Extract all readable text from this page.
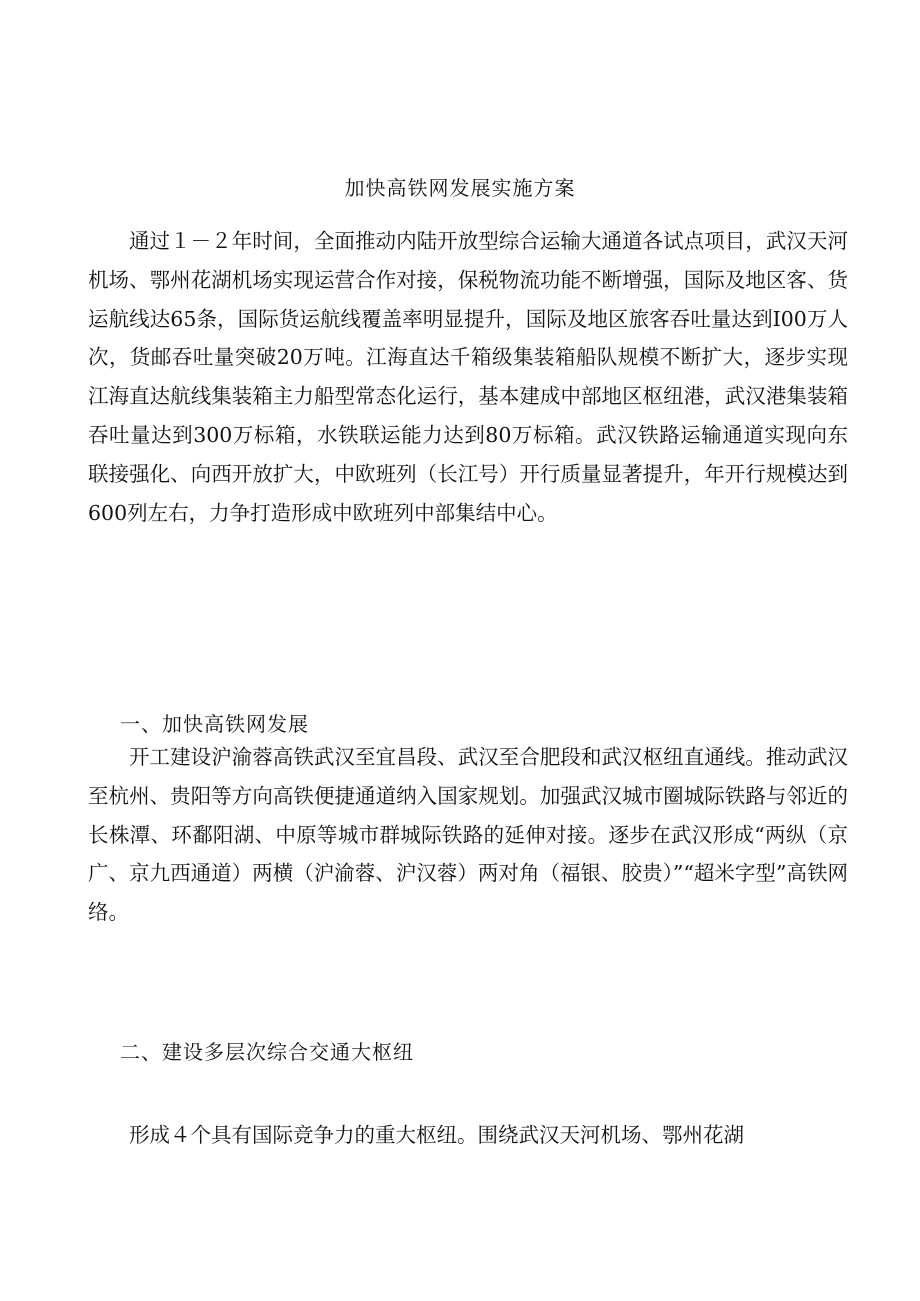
加快高铁网发展实施方案

通过１－２年时间，全面推动内陆开放型综合运输大通道各试点项目，武汉天河机场、鄂州花湖机场实现运营合作对接，保税物流功能不断增强，国际及地区客、货运航线达65条，国际货运航线覆盖率明显提升，国际及地区旅客吞吐量达到I00万人次，货邮吞吐量突破20万吨。江海直达千箱级集装箱船队规模不断扩大，逐步实现江海直达航线集装箱主力船型常态化运行，基本建成中部地区枢纽港，武汉港集装箱吞吐量达到300万标箱，水铁联运能力达到80万标箱。武汉铁路运输通道实现向东联接强化、向西开放扩大，中欧班列（长江号）开行质量显著提升，年开行规模达到600列左右，力争打造形成中欧班列中部集结中心。

一、加快高铁网发展

开工建设沪渝蓉高铁武汉至宜昌段、武汉至合肥段和武汉枢纽直通线。推动武汉至杭州、贵阳等方向高铁便捷通道纳入国家规划。加强武汉城市圈城际铁路与邻近的长株潭、环鄱阳湖、中原等城市群城际铁路的延伸对接。逐步在武汉形成“两纵（京广、京九西通道）两横（沪渝蓉、沪汉蓉）两对角（福银、胶贵）”“超米字型”高铁网络。

二、建设多层次综合交通大枢纽

形成４个具有国际竞争力的重大枢纽。围绕武汉天河机场、鄂州花湖
